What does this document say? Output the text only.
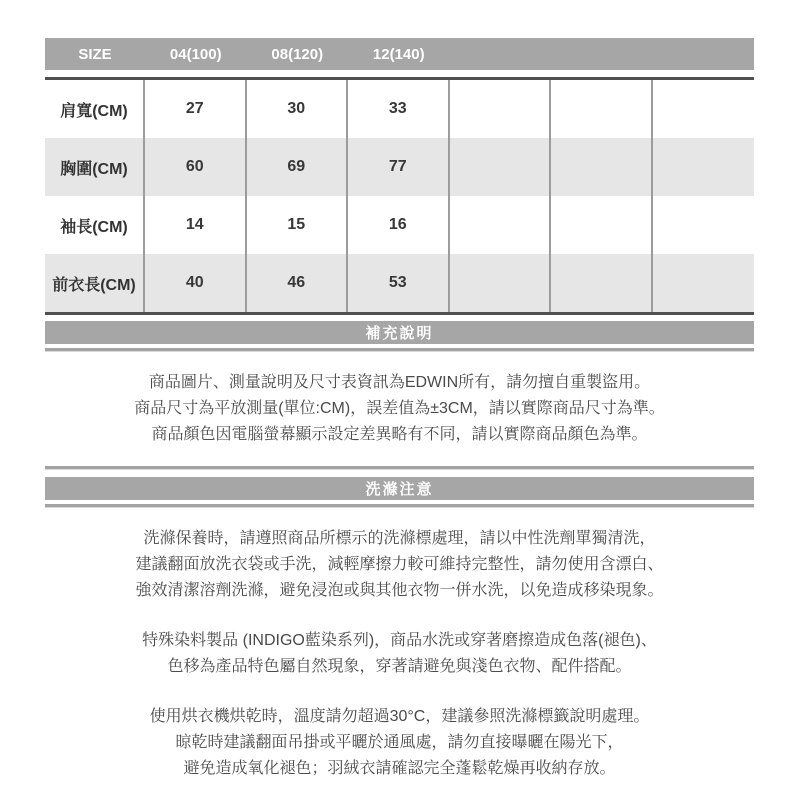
SIZE	04(100)	08(120)	12(140)
肩寬(CM)	27	30	33
胸圍(CM)	60	69	77
袖長(CM)	14	15	16
前衣長(CM)	40	46	53
補充說明
商品圖片、測量說明及尺寸表資訊為EDWIN所有，請勿擅自重製盜用。
商品尺寸為平放測量(單位:CM)，誤差值為±3CM，請以實際商品尺寸為準。
商品顏色因電腦螢幕顯示設定差異略有不同，請以實際商品顏色為準。
洗滌注意
洗滌保養時，請遵照商品所標示的洗滌標處理，請以中性洗劑單獨清洗，
建議翻面放洗衣袋或手洗，減輕摩擦力較可維持完整性，請勿使用含漂白、
強效清潔溶劑洗滌，避免浸泡或與其他衣物一併水洗，以免造成移染現象。
特殊染料製品 (INDIGO藍染系列)，商品水洗或穿著磨擦造成色落(褪色)、
色移為產品特色屬自然現象，穿著請避免與淺色衣物、配件搭配。
使用烘衣機烘乾時，溫度請勿超過30°C，建議參照洗滌標籤說明處理。
晾乾時建議翻面吊掛或平曬於通風處，請勿直接曝曬在陽光下，
避免造成氧化褪色；羽絨衣請確認完全蓬鬆乾燥再收納存放。
